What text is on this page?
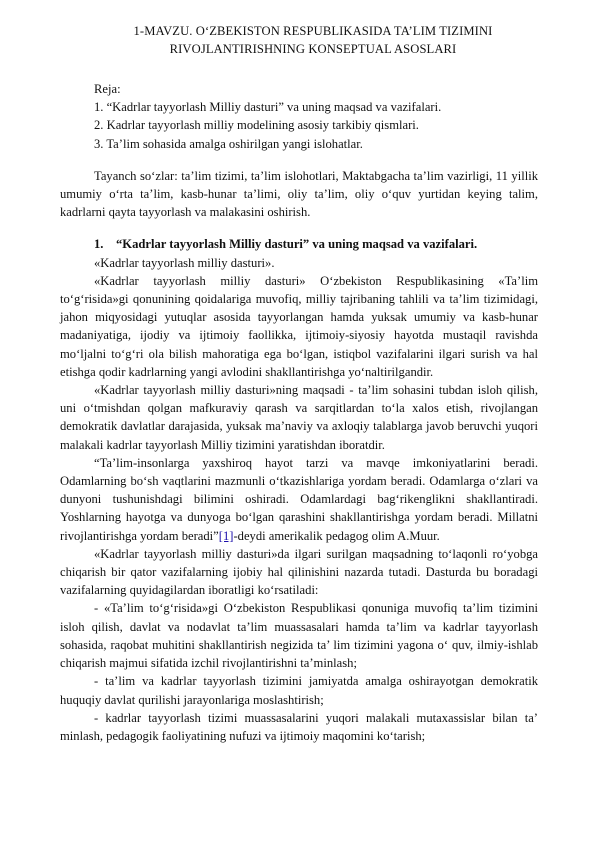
1-MAVZU. O‘ZBEKISTON RESPUBLIKASIDA TA’LIM TIZIMINI
RIVOJLANTIRISHNING KONSEPTUAL ASOSLARI
Reja:
1. “Kadrlar tayyorlash Milliy dasturi” va uning maqsad va vazifalari.
2. Kadrlar tayyorlash milliy modelining asosiy tarkibiy qismlari.
3. Ta’lim sohasida amalga oshirilgan yangi islohatlar.

Tayanch so‘zlar: ta’lim tizimi, ta’lim islohotlari, Maktabgacha ta’lim vazirligi, 11 yillik umumiy o‘rta ta’lim, kasb-hunar ta’limi, oliy ta’lim, oliy o‘quv yurtidan keying talim, kadrlarni qayta tayyorlash va malakasini oshirish.

1. “Kadrlar tayyorlash Milliy dasturi” va uning maqsad va vazifalari.

«Kadrlar tayyorlash milliy dasturi».

«Kadrlar tayyorlash milliy dasturi» O‘zbekiston Respublikasining «Ta’lim to‘g‘risida»gi qonunining qoidalariga muvofiq, milliy tajribaning tahlili va ta’lim tizimidagi, jahon miqyosidagi yutuqlar asosida tayyorlangan hamda yuksak umumiy va kasb-hunar madaniyatiga, ijodiy va ijtimoiy faollikka, ijtimoiy-siyosiy hayotda mustaqil ravishda mo‘ljalni to‘g‘ri ola bilish mahoratiga ega bo‘lgan, istiqbol vazifalarini ilgari surish va hal etishga qodir kadrlarning yangi avlodini shakllantirishga yo‘naltirilgandir.

«Kadrlar tayyorlash milliy dasturi»ning maqsadi - ta’lim sohasini tubdan isloh qilish, uni o‘tmishdan qolgan mafkuraviy qarash va sarqitlardan to‘la xalos etish, rivojlangan demokratik davlatlar darajasida, yuksak ma’naviy va axloqiy talablarga javob beruvchi yuqori malakali kadrlar tayyorlash Milliy tizimini yaratishdan iboratdir.

“Ta’lim-insonlarga yaxshiroq hayot tarzi va mavqe imkoniyatlarini beradi. Odamlarning bo‘sh vaqtlarini mazmunli o‘tkazishlariga yordam beradi. Odamlarga o‘zlari va dunyoni tushunishdagi bilimini oshiradi. Odamlardagi bag‘rikenglikni shakllantiradi. Yoshlarning hayotga va dunyoga bo‘lgan qarashini shakllantirishga yordam beradi. Millatni rivojlantirishga yordam beradi”[1]-deydi amerikalik pedagog olim A.Muur.

«Kadrlar tayyorlash milliy dasturi»da ilgari surilgan maqsadning to‘laqonli ro‘yobga chiqarish bir qator vazifalarning ijobiy hal qilinishini nazarda tutadi. Dasturda bu boradagi vazifalarning quyidagilardan iboratligi ko‘rsatiladi:

- «Ta’lim to‘g‘risida»gi O‘zbekiston Respublikasi qonuniga muvofiq ta’lim tizimini isloh qilish, davlat va nodavlat ta’lim muassasalari hamda ta’lim va kadrlar tayyorlash sohasida, raqobat muhitini shakllantirish negizida ta’ lim tizimini yagona o‘ quv, ilmiy-ishlab chiqarish majmui sifatida izchil rivojlantirishni ta’minlash;

- ta’lim va kadrlar tayyorlash tizimini jamiyatda amalga oshirayotgan demokratik huquqiy davlat qurilishi jarayonlariga moslashtirish;

- kadrlar tayyorlash tizimi muassasalarini yuqori malakali mutaxassislar bilan ta’ minlash, pedagogik faoliyatining nufuzi va ijtimoiy maqomini ko‘tarish;
